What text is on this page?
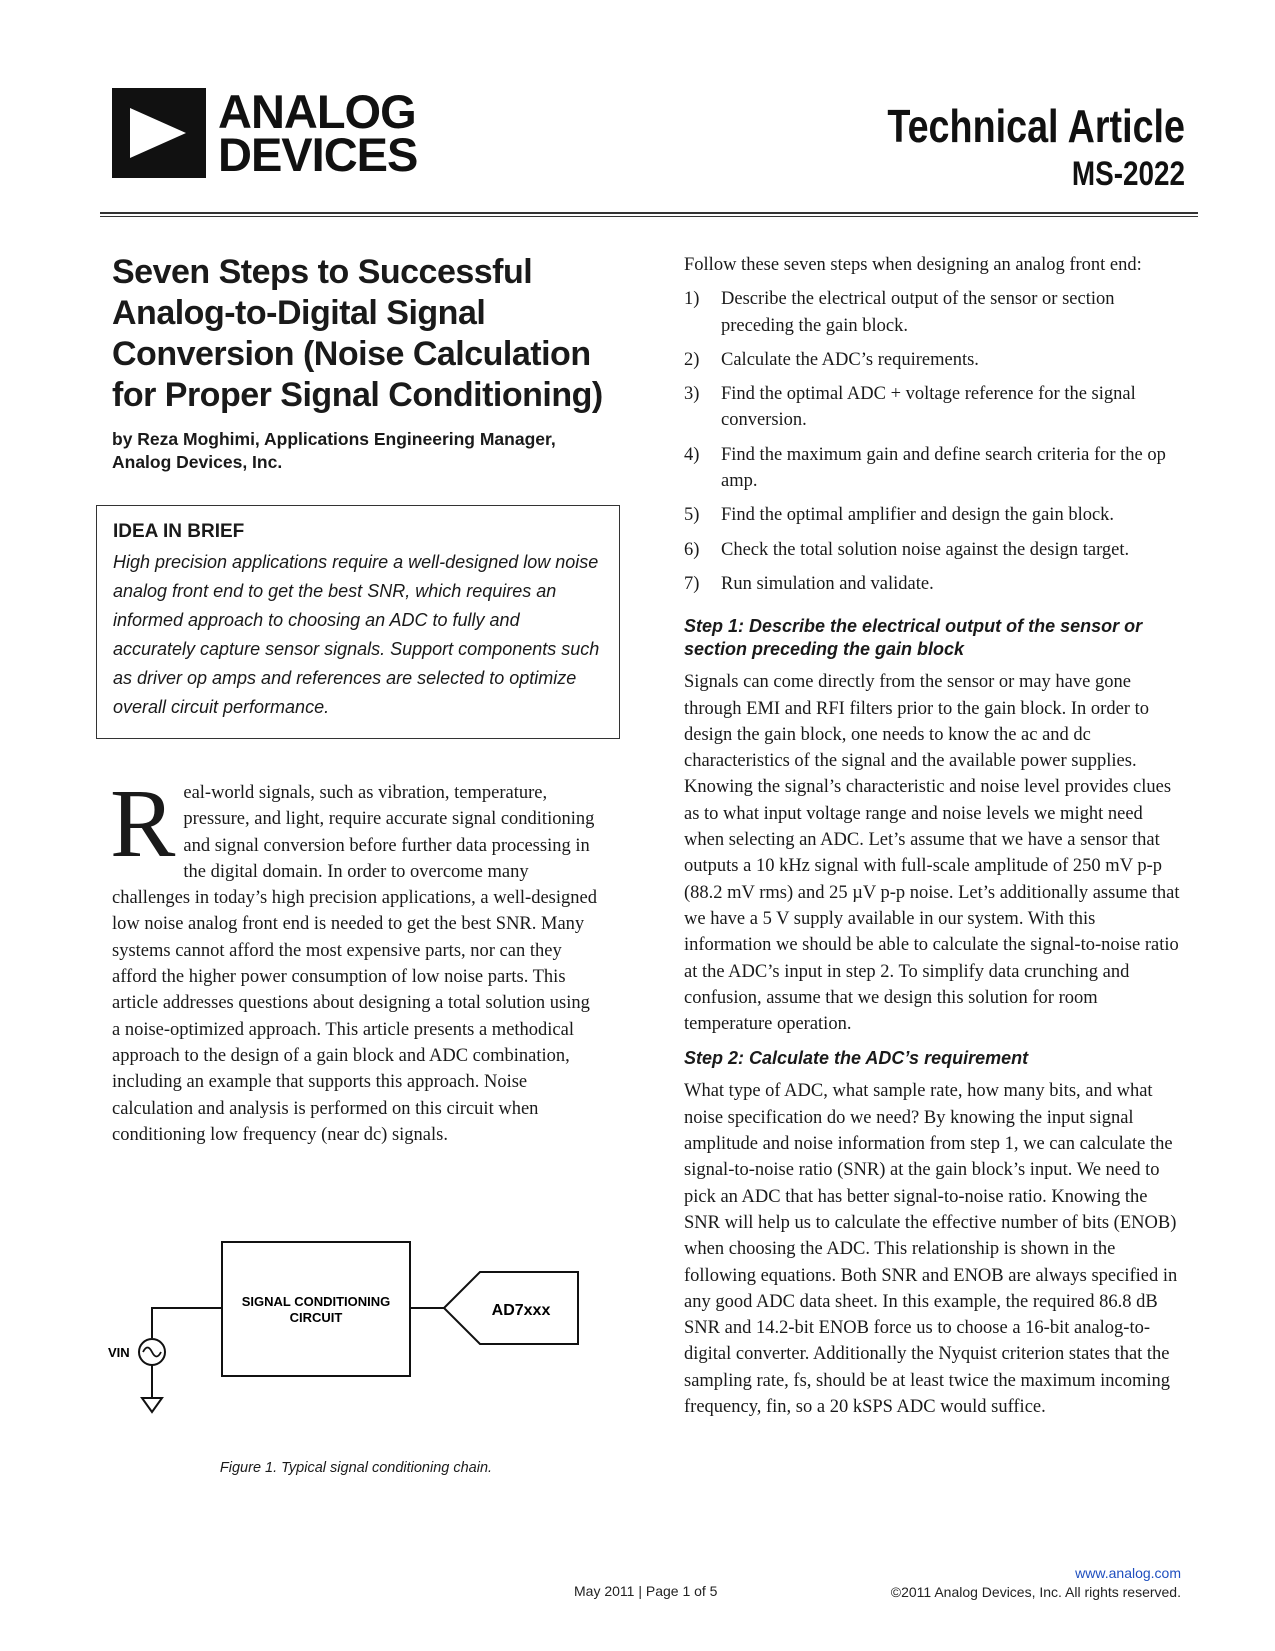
ANALOG
DEVICES
Technical Article
MS-2022
Seven Steps to Successful Analog-to-Digital Signal Conversion (Noise Calculation for Proper Signal Conditioning)
by Reza Moghimi, Applications Engineering Manager,
Analog Devices, Inc.
IDEA IN BRIEF
High precision applications require a well-designed low noise analog front end to get the best SNR, which requires an informed approach to choosing an ADC to fully and accurately capture sensor signals. Support components such as driver op amps and references are selected to optimize overall circuit performance.
R eal-world signals, such as vibration, temperature, pressure, and light, require accurate signal conditioning and signal conversion before further data processing in the digital domain. In order to overcome many challenges in today’s high precision applications, a well-designed low noise analog front end is needed to get the best SNR. Many systems cannot afford the most expensive parts, nor can they afford the higher power consumption of low noise parts. This article addresses questions about designing a total solution using a noise-optimized approach. This article presents a methodical approach to the design of a gain block and ADC combination, including an example that supports this approach. Noise calculation and analysis is performed on this circuit when conditioning low frequency (near dc) signals.
SIGNAL CONDITIONING
CIRCUIT	AD7xxx
VIN
Figure 1. Typical signal conditioning chain.

Follow these seven steps when designing an analog front end:

1)	Describe the electrical output of the sensor or section preceding the gain block.
2)	Calculate the ADC’s requirements.
3)	Find the optimal ADC + voltage reference for the signal conversion.
4)	Find the maximum gain and define search criteria for the op amp.
5)	Find the optimal amplifier and design the gain block.
6)	Check the total solution noise against the design target.
7)	Run simulation and validate.
Step 1: Describe the electrical output of the sensor or section preceding the gain block

Signals can come directly from the sensor or may have gone through EMI and RFI filters prior to the gain block. In order to design the gain block, one needs to know the ac and dc characteristics of the signal and the available power supplies. Knowing the signal’s characteristic and noise level provides clues as to what input voltage range and noise levels we might need when selecting an ADC. Let’s assume that we have a sensor that outputs a 10 kHz signal with full-scale amplitude of 250 mV p-p (88.2 mV rms) and 25 µV p-p noise. Let’s additionally assume that we have a 5 V supply available in our system. With this information we should be able to calculate the signal-to-noise ratio at the ADC’s input in step 2. To simplify data crunching and confusion, assume that we design this solution for room temperature operation.

Step 2: Calculate the ADC’s requirement

What type of ADC, what sample rate, how many bits, and what noise specification do we need? By knowing the input signal amplitude and noise information from step 1, we can calculate the signal-to-noise ratio (SNR) at the gain block’s input. We need to pick an ADC that has better signal-to-noise ratio. Knowing the SNR will help us to calculate the effective number of bits (ENOB) when choosing the ADC. This relationship is shown in the following equations. Both SNR and ENOB are always specified in any good ADC data sheet. In this example, the required 86.8 dB SNR and 14.2-bit ENOB force us to choose a 16-bit analog-to-digital converter. Additionally the Nyquist criterion states that the sampling rate, fs, should be at least twice the maximum incoming frequency, fin, so a 20 kSPS ADC would suffice.

May 2011 | Page 1 of 5
www.analog.com
©2011 Analog Devices, Inc. All rights reserved.
